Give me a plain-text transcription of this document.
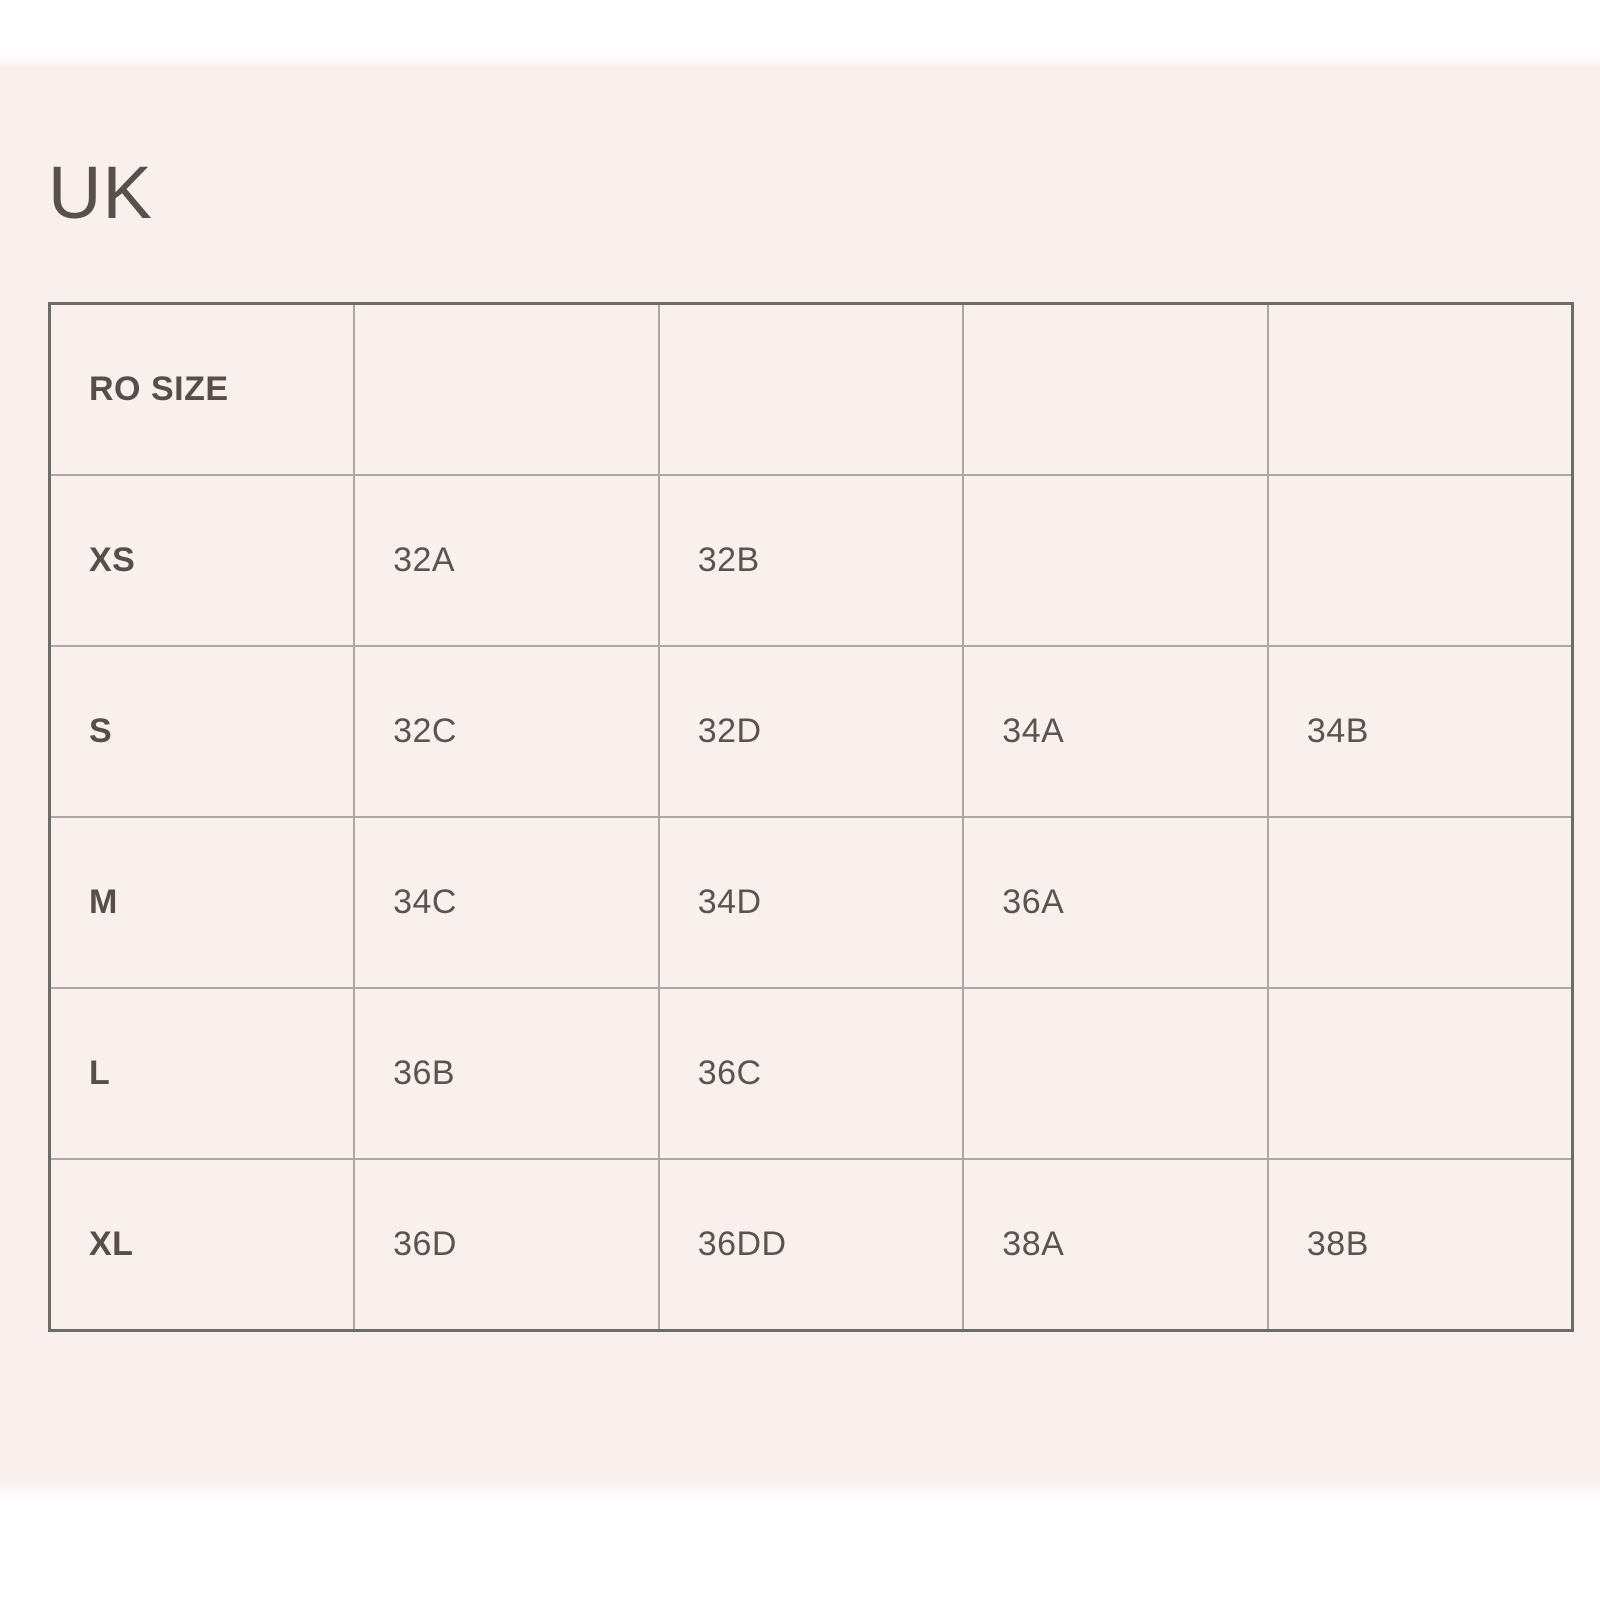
UK
RO SIZE				
XS	32A	32B		
S	32C	32D	34A	34B
M	34C	34D	36A	
L	36B	36C		
XL	36D	36DD	38A	38B
